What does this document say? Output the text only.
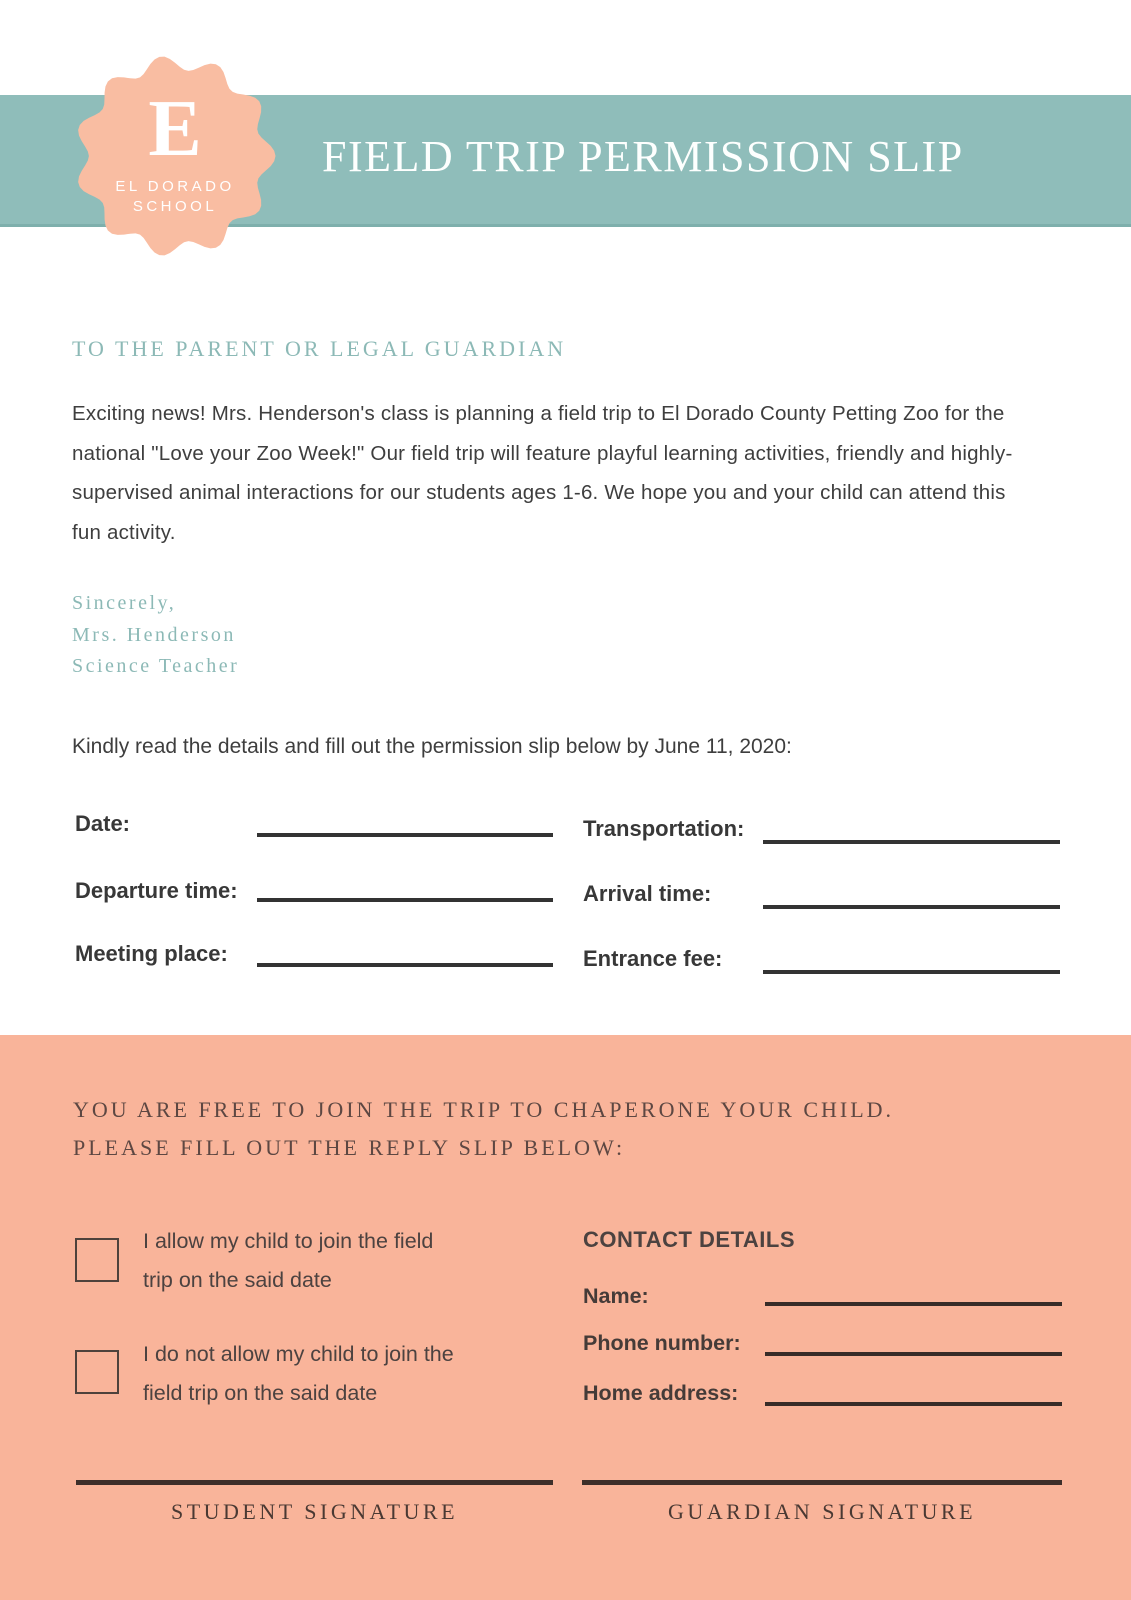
FIELD TRIP PERMISSION SLIP
E
EL DORADO
SCHOOL
TO THE PARENT OR LEGAL GUARDIAN
Exciting news! Mrs. Henderson's class is planning a field trip to El Dorado County Petting Zoo for the national "Love your Zoo Week!" Our field trip will feature playful learning activities, friendly and highly-supervised animal interactions for our students ages 1-6. We hope you and your child can attend this fun activity.
Sincerely,
Mrs. Henderson
Science Teacher
Kindly read the details and fill out the permission slip below by June 11, 2020:
Date:
Departure time:
Meeting place:
Transportation:
Arrival time:
Entrance fee:
YOU ARE FREE TO JOIN THE TRIP TO CHAPERONE YOUR CHILD.
PLEASE FILL OUT THE REPLY SLIP BELOW:
I allow my child to join the field
trip on the said date
I do not allow my child to join the
field trip on the said date
CONTACT DETAILS
Name:
Phone number:
Home address:
STUDENT SIGNATURE	GUARDIAN SIGNATURE
